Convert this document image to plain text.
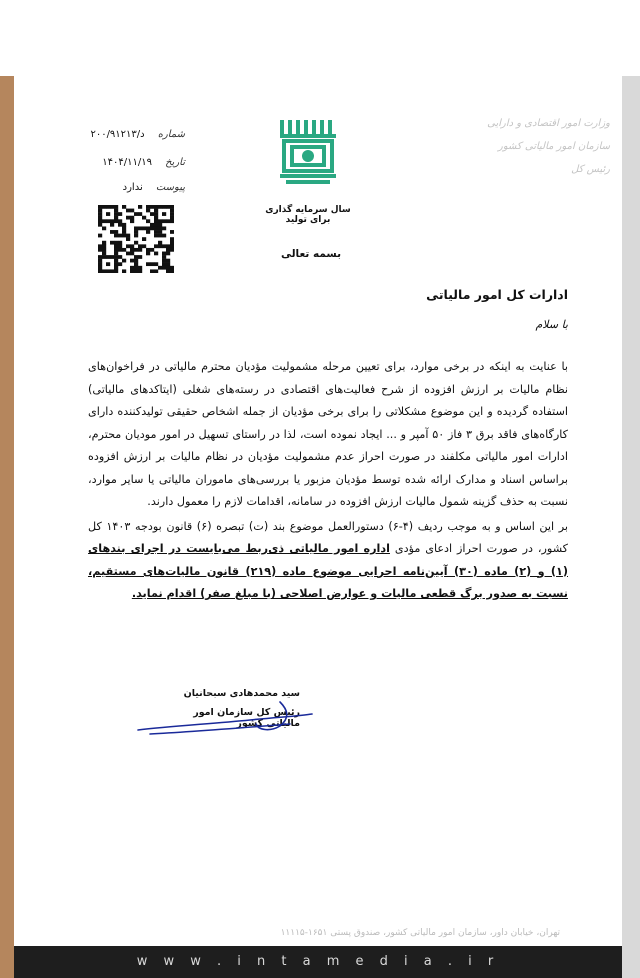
شماره د/۲۰۰/۹۱۲۱۳
تاریخ ۱۴۰۴/۱۱/۱۹
پیوست ندارد
سال سرمایه گذاری برای تولید
بسمه تعالی
وزارت امور اقتصادی و دارایی
سازمان امور مالیاتی کشور
رئیس کل
ادارات کل امور مالیاتی
با سلام

با عنایت به اینکه در برخی موارد، برای تعیین مرحله مشمولیت مؤدیان محترم مالیاتی در فراخوان‌های نظام مالیات بر ارزش افزوده از شرح فعالیت‌های اقتصادی در رسته‌های شغلی (ایتاکدهای مالیاتی) استفاده گردیده و این موضوع مشکلاتی را برای برخی مؤدیان از جمله اشخاص حقیقی تولیدکننده دارای کارگاه‌های فاقد برق ۳ فاز ۵۰ آمپر و ... ایجاد نموده است، لذا در راستای تسهیل در امور مودیان محترم، ادارات امور مالیاتی مکلفند در صورت احراز عدم مشمولیت مؤدیان در نظام مالیات بر ارزش افزوده براساس اسناد و مدارک ارائه شده توسط مؤدیان مزبور یا بررسی‌های ماموران مالیاتی یا سایر موارد، نسبت به حذف گزینه شمول مالیات ارزش افزوده در سامانه، اقدامات لازم را معمول دارند.

بر این اساس و به موجب ردیف (۴-۶) دستورالعمل موضوع بند (ت) تبصره (۶) قانون بودجه ۱۴۰۳ کل کشور، در صورت احراز ادعای مؤدی اداره امور مالیاتی ذی‌ربط می‌بایست در اجرای بندهای (۱) و (۲) ماده (۳۰) آیین‌نامه اجرایی موضوع ماده (۲۱۹) قانون مالیات‌های مستقیم، نسبت به صدور برگ قطعی مالیات و عوارض اصلاحی (با مبلغ صفر) اقدام نماید.

سید محمدهادی سبحانیان
رئیس کل سازمان امور مالیاتی کشور
تهران، خیابان داور، سازمان امور مالیاتی کشور، صندوق پستی ۱۶۵۱-۱۱۱۱۵
w w w . i n t a m e d i a . i r
